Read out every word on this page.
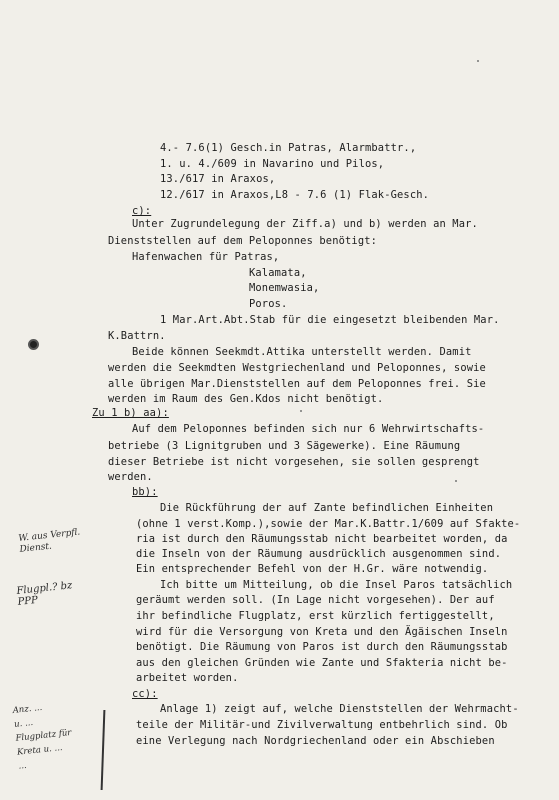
4.- 7.6(1) Gesch.in Patras, Alarmbattr.,
1. u. 4./609 in Navarino und Pilos,
13./617 in Araxos,
12./617 in Araxos,L8 - 7.6 (1) Flak-Gesch.
c):
Unter Zugrundelegung der Ziff.a) und b) werden an Mar.
Dienststellen auf dem Peloponnes benötigt:
Hafenwachen für Patras,
Kalamata,
Monemwasia,
Poros.
1 Mar.Art.Abt.Stab für die eingesetzt bleibenden Mar.
K.Battrn.
Beide können Seekmdt.Attika unterstellt werden. Damit
werden die Seekmdten Westgriechenland und Peloponnes, sowie
alle übrigen Mar.Dienststellen auf dem Peloponnes frei. Sie
werden im Raum des Gen.Kdos nicht benötigt.
Zu 1 b) aa):
Auf dem Peloponnes befinden sich nur 6 Wehrwirtschafts-
betriebe (3 Lignitgruben und 3 Sägewerke). Eine Räumung
dieser Betriebe ist nicht vorgesehen, sie sollen gesprengt
werden.
bb):
Die Rückführung der auf Zante befindlichen Einheiten
(ohne 1 verst.Komp.),sowie der Mar.K.Battr.1/609 auf Sfakte-
ria ist durch den Räumungsstab nicht bearbeitet worden, da
die Inseln von der Räumung ausdrücklich ausgenommen sind.
Ein entsprechender Befehl von der H.Gr. wäre notwendig.
Ich bitte um Mitteilung, ob die Insel Paros tatsächlich
geräumt werden soll. (In Lage nicht vorgesehen). Der auf
ihr befindliche Flugplatz, erst kürzlich fertiggestellt,
wird für die Versorgung von Kreta und den Ägäischen Inseln
benötigt. Die Räumung von Paros ist durch den Räumungsstab
aus den gleichen Gründen wie Zante und Sfakteria nicht be-
arbeitet worden.
cc):
Anlage 1) zeigt auf, welche Dienststellen der Wehrmacht-
teile der Militär-und Zivilverwaltung entbehrlich sind. Ob
eine Verlegung nach Nordgriechenland oder ein Abschieben
W. aus Verpfl.
Dienst.
Flugpl.? bz
PPP
Anz. ...
u. ...
Flugplatz für
Kreta u. ...
...
